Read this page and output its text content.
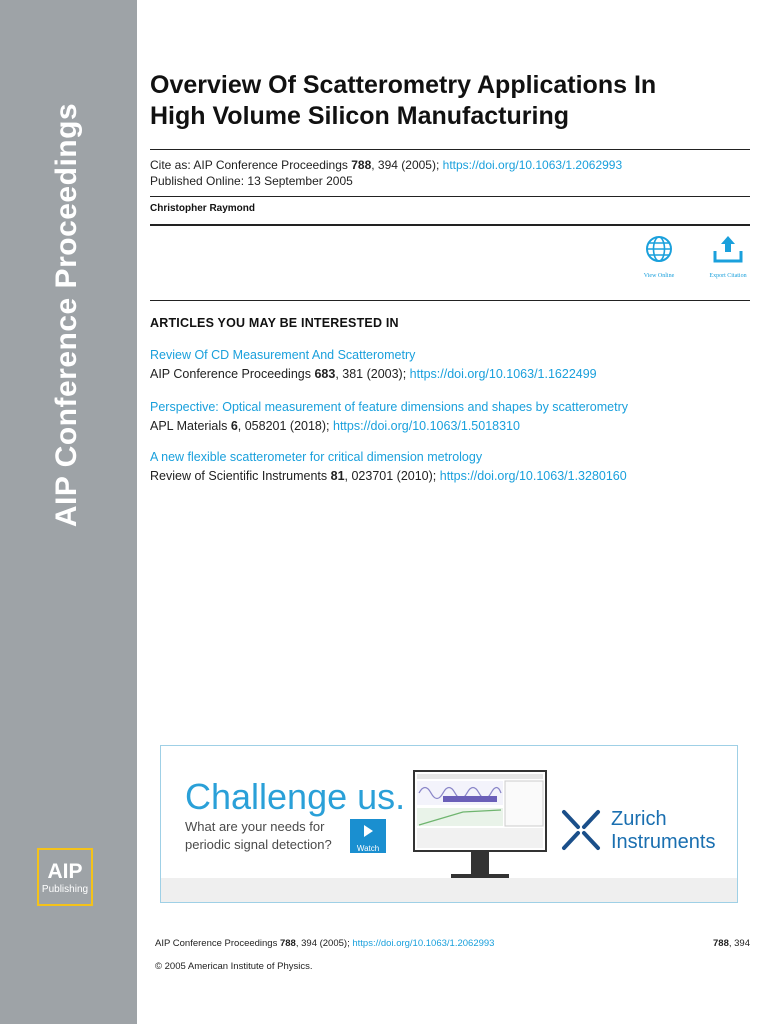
AIP Conference Proceedings
AIP
Publishing
Overview Of Scatterometry Applications In
High Volume Silicon Manufacturing
Cite as: AIP Conference Proceedings 788, 394 (2005); https://doi.org/10.1063/1.2062993
Published Online: 13 September 2005
Christopher Raymond
View Online	Export Citation
ARTICLES YOU MAY BE INTERESTED IN
Review Of CD Measurement And Scatterometry
AIP Conference Proceedings 683, 381 (2003); https://doi.org/10.1063/1.1622499
Perspective: Optical measurement of feature dimensions and shapes by scatterometry
APL Materials 6, 058201 (2018); https://doi.org/10.1063/1.5018310
A new flexible scatterometer for critical dimension metrology
Review of Scientific Instruments 81, 023701 (2010); https://doi.org/10.1063/1.3280160
Challenge us.
What are your needs for
periodic signal detection?	Watch
Zurich
Instruments
AIP Conference Proceedings 788, 394 (2005); https://doi.org/10.1063/1.2062993	788, 394
© 2005 American Institute of Physics.
